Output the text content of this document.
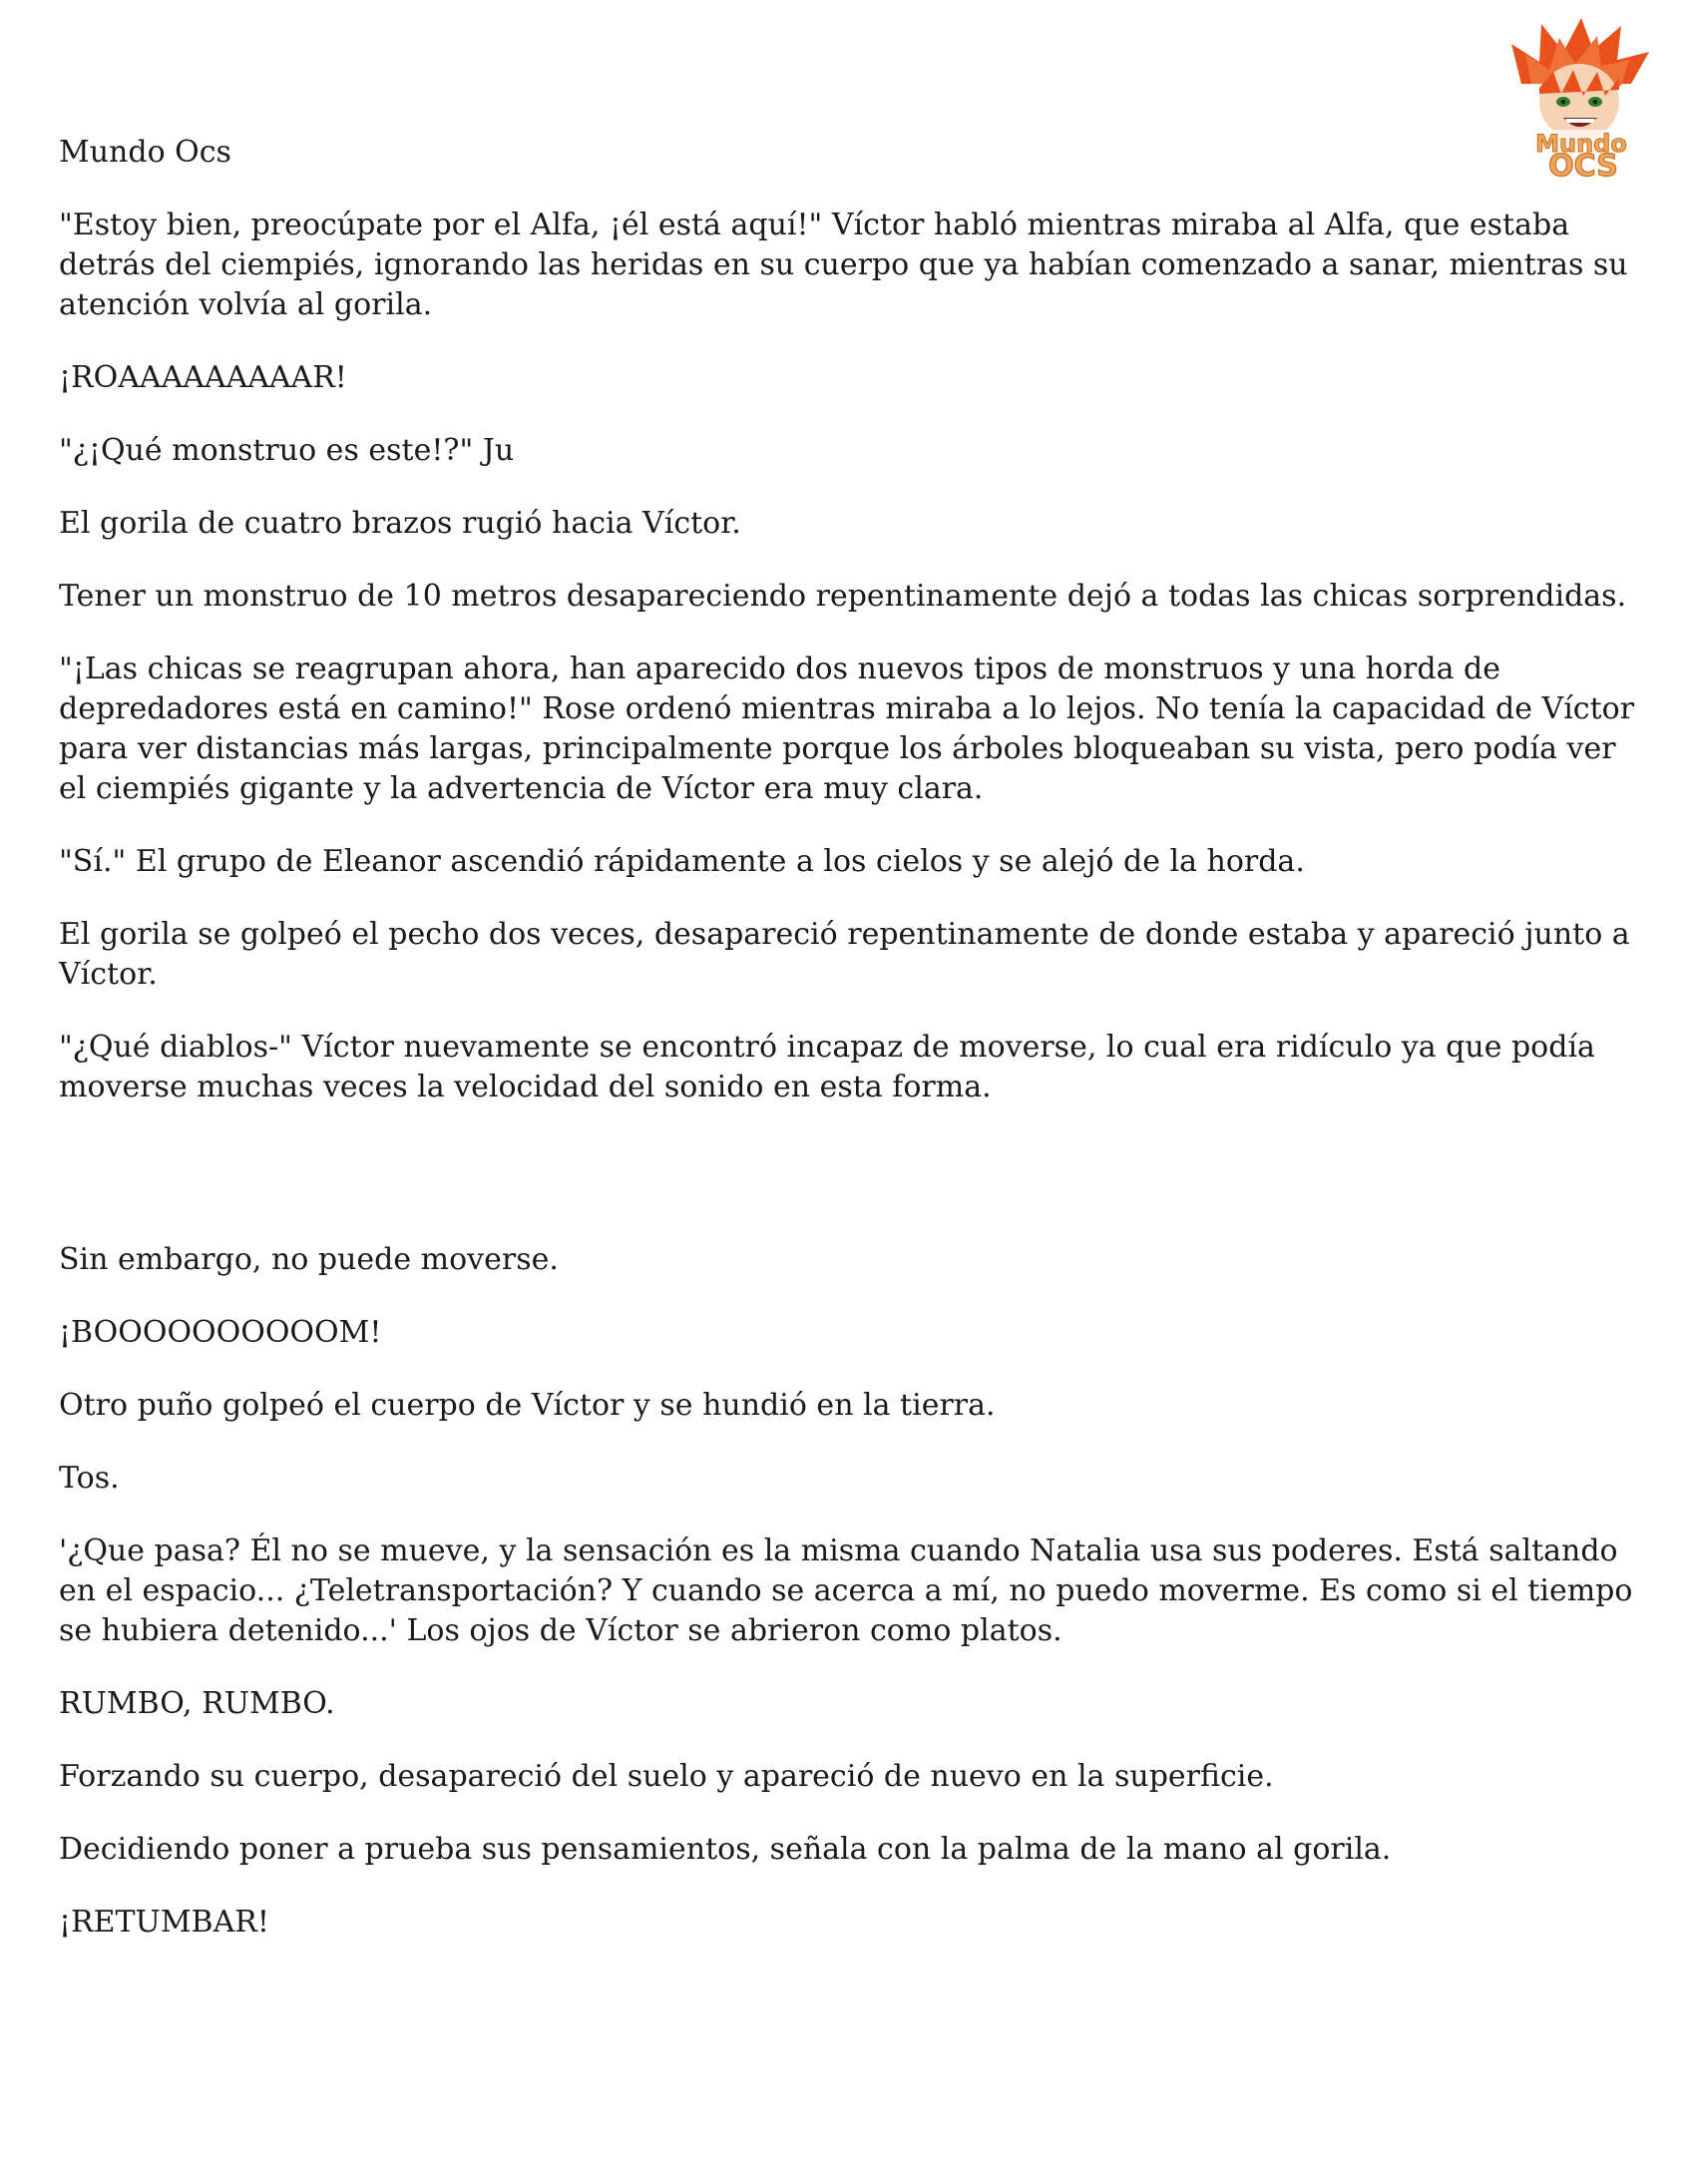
Mundo
OCS
Mundo Ocs

"Estoy bien, preocúpate por el Alfa, ¡él está aquí!" Víctor habló mientras miraba al Alfa, que estaba detrás del ciempiés, ignorando las heridas en su cuerpo que ya habían comenzado a sanar, mientras su atención volvía al gorila.

¡ROAAAAAAAAAR!

"¿¡Qué monstruo es este!?" Ju

El gorila de cuatro brazos rugió hacia Víctor.

Tener un monstruo de 10 metros desapareciendo repentinamente dejó a todas las chicas sorprendidas.

"¡Las chicas se reagrupan ahora, han aparecido dos nuevos tipos de monstruos y una horda de depredadores está en camino!" Rose ordenó mientras miraba a lo lejos. No tenía la capacidad de Víctor para ver distancias más largas, principalmente porque los árboles bloqueaban su vista, pero podía ver el ciempiés gigante y la advertencia de Víctor era muy clara.

"Sí." El grupo de Eleanor ascendió rápidamente a los cielos y se alejó de la horda.

El gorila se golpeó el pecho dos veces, desapareció repentinamente de donde estaba y apareció junto a Víctor.

"¿Qué diablos-" Víctor nuevamente se encontró incapaz de moverse, lo cual era ridículo ya que podía moverse muchas veces la velocidad del sonido en esta forma.

Sin embargo, no puede moverse.

¡BOOOOOOOOOOM!

Otro puño golpeó el cuerpo de Víctor y se hundió en la tierra.

Tos.

'¿Que pasa? Él no se mueve, y la sensación es la misma cuando Natalia usa sus poderes. Está saltando en el espacio... ¿Teletransportación? Y cuando se acerca a mí, no puedo moverme. Es como si el tiempo se hubiera detenido...' Los ojos de Víctor se abrieron como platos.

RUMBO, RUMBO.

Forzando su cuerpo, desapareció del suelo y apareció de nuevo en la superficie.

Decidiendo poner a prueba sus pensamientos, señala con la palma de la mano al gorila.

¡RETUMBAR!
